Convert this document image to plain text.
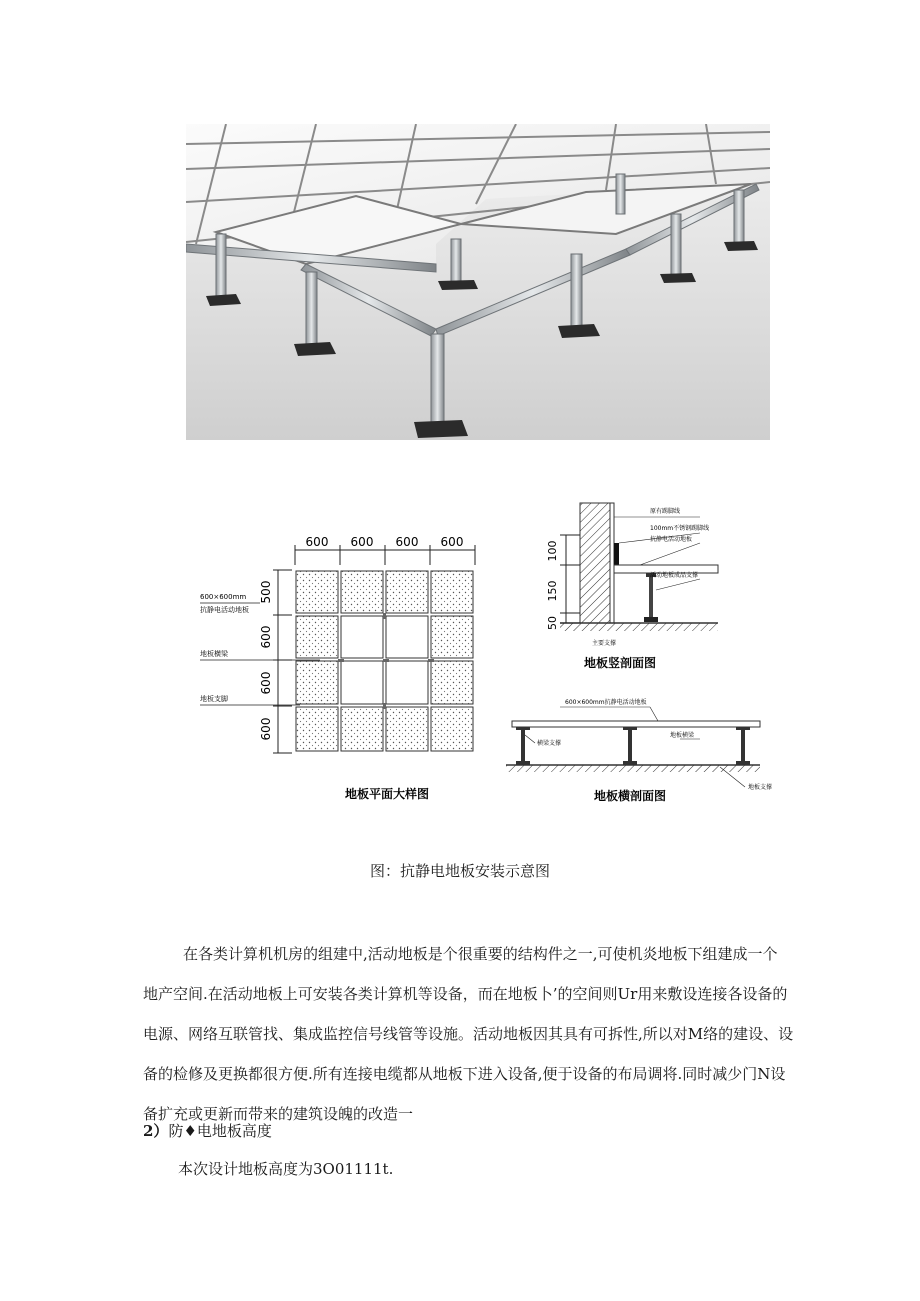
600 600 600 600
500
600
600
600
600×600mm
抗静电活动地板
地板横梁
地板支脚
地板平面大样图
100
150
50
原有踢脚线
100mm不锈钢踢脚线
抗静电活动地板
活动地板成品支撑
主要支撑
地板竖剖面图
600×600mm抗静电活动地板
横梁支撑
地板横梁
地板支撑
地板横剖面图
图：抗静电地板安装示意图

在各类计算机机房的组建中,活动地板是个很重要的结构件之一,可使机炎地板下组建成一个

地产空间.在活动地板上可安装各类计算机等设备，而在地板卜’的空间则Ur用来敷设连接各设备的

电源、网络互联管找、集成监控信号线管等设施。活动地板因其具有可拆性,所以对M络的建设、设

备的检修及更换都很方便.所有连接电缆都从地板下进入设备,便于设备的布局调将.同时减少门N设

备扩充或更新而带来的建筑设魄的改造一

2）防♦电地板高度
本次设计地板高度为3O01111t.
